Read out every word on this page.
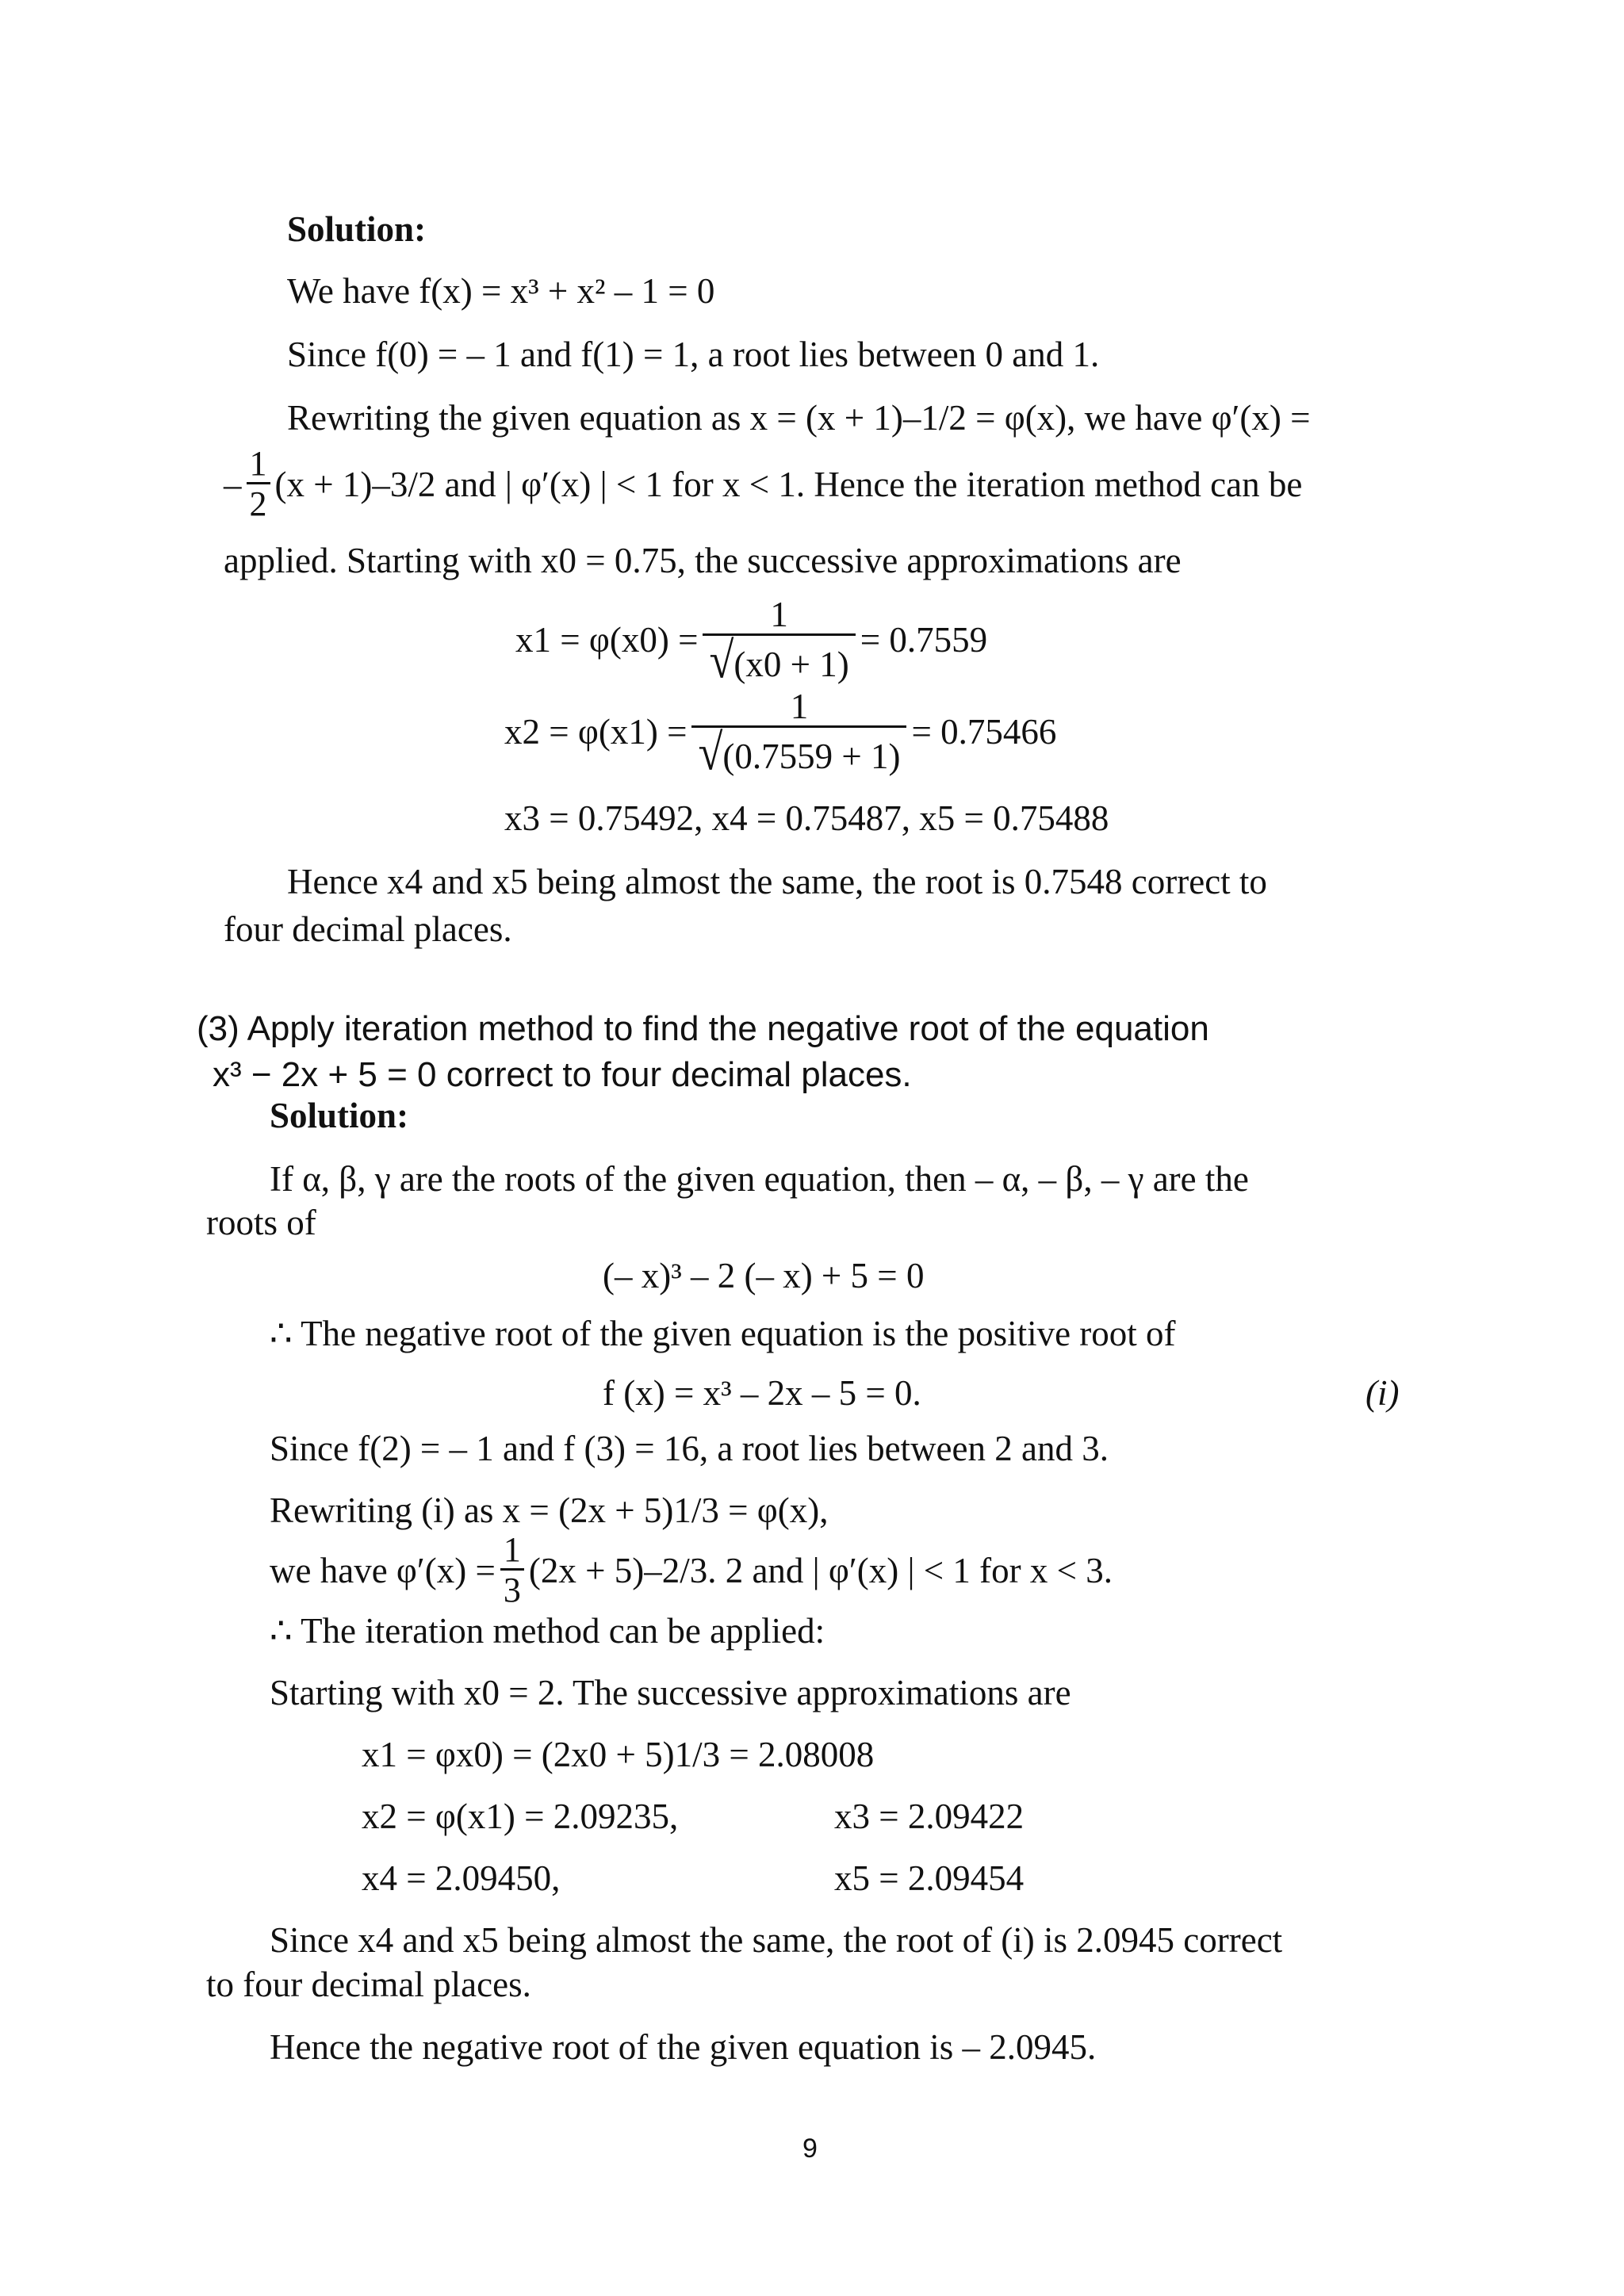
Solution:
We have f(x) = x³ + x² – 1 = 0
Since f(0) = – 1 and f(1) = 1, a root lies between 0 and 1.
Rewriting the given equation as x = (x + 1)–1/2 = φ(x), we have φ′(x) =
– $\frac{1}{2} (x + 1)-3/2$ and | φ′(x) | < 1 for x < 1. Hence the iteration method can be
applied. Starting with x0 = 0.75, the successive approximations are
$x1 = \varphi(x0) = \frac{1}{√ (x0 + 1)} = 0.7559$
$x2 = \varphi(x1) = \frac{1}{√ (0.7559 + 1)} = 0.75466$
x3 = 0.75492, x4 = 0.75487, x5 = 0.75488
Hence x4 and x5 being almost the same, the root is 0.7548 correct to
four decimal places.
(3) Apply iteration method to find the negative root of the equation
x³ − 2x + 5 = 0 correct to four decimal places.
Solution:
If α, β, γ are the roots of the given equation, then – α, – β, – γ are the
roots of
(– x)³ – 2 (– x) + 5 = 0
∴ The negative root of the given equation is the positive root of
f (x) = x³ – 2x – 5 = 0.	(i)
Since f(2) = – 1 and f (3) = 16, a root lies between 2 and 3.
Rewriting (i) as x = (2x + 5)1/3 = φ(x),
we have $\varphi'(x) = \frac{1}{3} (2x + 5)-2/3$. 2 and | φ′(x) | < 1 for x < 3.
∴ The iteration method can be applied:
Starting with x0 = 2. The successive approximations are
x1 = φx0) = (2x0 + 5)1/3 = 2.08008
x2 = φ(x1) = 2.09235,	x3 = 2.09422
x4 = 2.09450,	x5 = 2.09454
Since x4 and x5 being almost the same, the root of (i) is 2.0945 correct
to four decimal places.
Hence the negative root of the given equation is – 2.0945.
9
